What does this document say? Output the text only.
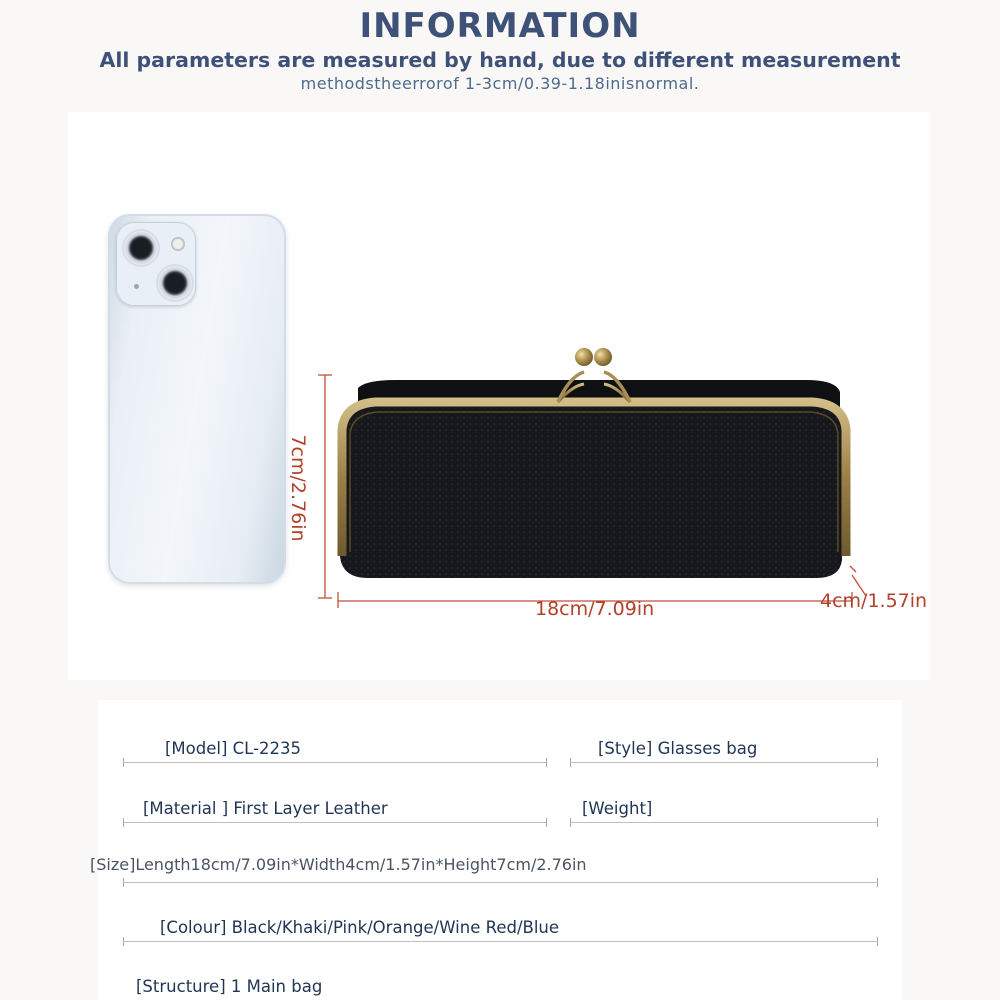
INFORMATION
All parameters are measured by hand, due to different measurement
methodstheerrorof 1-3cm/0.39-1.18inisnormal.
7cm/2.76in
18cm/7.09in	4cm/1.57in
[Model] CL-2235	[Style] Glasses bag
[Material ] First Layer Leather	[Weight]
[Size]Length18cm/7.09in*Width4cm/1.57in*Height7cm/2.76in
[Colour] Black/Khaki/Pink/Orange/Wine Red/Blue
[Structure] 1 Main bag
